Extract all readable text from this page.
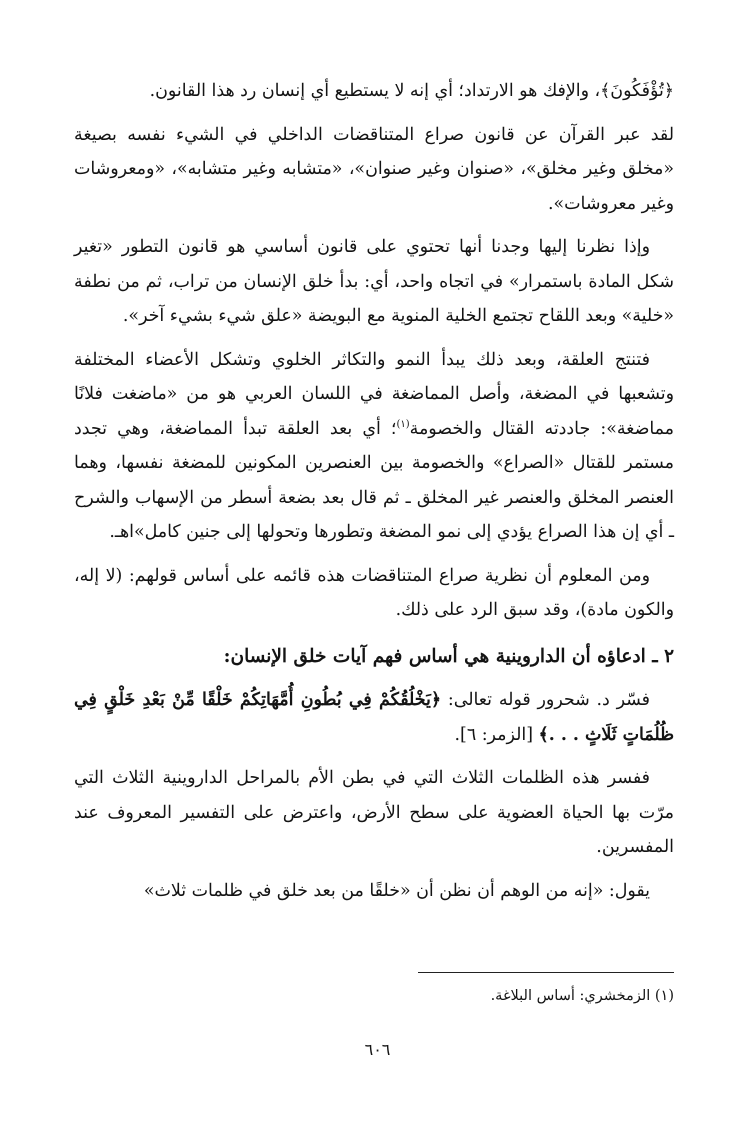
﴿تُؤْفَكُونَ﴾، والإفك هو الارتداد؛ أي إنه لا يستطيع أي إنسان رد هذا القانون.

لقد عبر القرآن عن قانون صراع المتناقضات الداخلي في الشيء نفسه بصيغة «مخلق وغير مخلق»، «صنوان وغير صنوان»، «متشابه وغير متشابه»، «ومعروشات وغير معروشات».

وإذا نظرنا إليها وجدنا أنها تحتوي على قانون أساسي هو قانون التطور «تغير شكل المادة باستمرار» في اتجاه واحد، أي: بدأ خلق الإنسان من تراب، ثم من نطفة «خلية» وبعد اللقاح تجتمع الخلية المنوية مع البويضة «علق شيء بشيء آخر».

فتنتج العلقة، وبعد ذلك يبدأ النمو والتكاثر الخلوي وتشكل الأعضاء المختلفة وتشعبها في المضغة، وأصل المماضغة في اللسان العربي هو من «ماضغت فلانًا مماضغة»: جاددته القتال والخصومة$^{(١)}$؛ أي بعد العلقة تبدأ المماضغة، وهي تجدد مستمر للقتال «الصراع» والخصومة بين العنصرين المكونين للمضغة نفسها، وهما العنصر المخلق والعنصر غير المخلق ـ ثم قال بعد بضعة أسطر من الإسهاب والشرح ـ أي إن هذا الصراع يؤدي إلى نمو المضغة وتطورها وتحولها إلى جنين كامل»اهـ.

ومن المعلوم أن نظرية صراع المتناقضات هذه قائمه على أساس قولهم: (لا إله، والكون مادة)، وقد سبق الرد على ذلك.

٢ ـ ادعاؤه أن الداروينية هي أساس فهم آيات خلق الإنسان:

فسّر د. شحرور قوله تعالى: ﴿يَخْلُقُكُمْ فِي بُطُونِ أُمَّهَاتِكُمْ خَلْقًا مِّنْ بَعْدِ خَلْقٍ فِي ظُلُمَاتٍ ثَلَاثٍ . . .﴾ [الزمر: ٦].

ففسر هذه الظلمات الثلاث التي في بطن الأم بالمراحل الداروينية الثلاث التي مرّت بها الحياة العضوية على سطح الأرض، واعترض على التفسير المعروف عند المفسرين.

يقول: «إنه من الوهم أن نظن أن «خلقًا من بعد خلق في ظلمات ثلاث»

(١) الزمخشري: أساس البلاغة.
٦٠٦
